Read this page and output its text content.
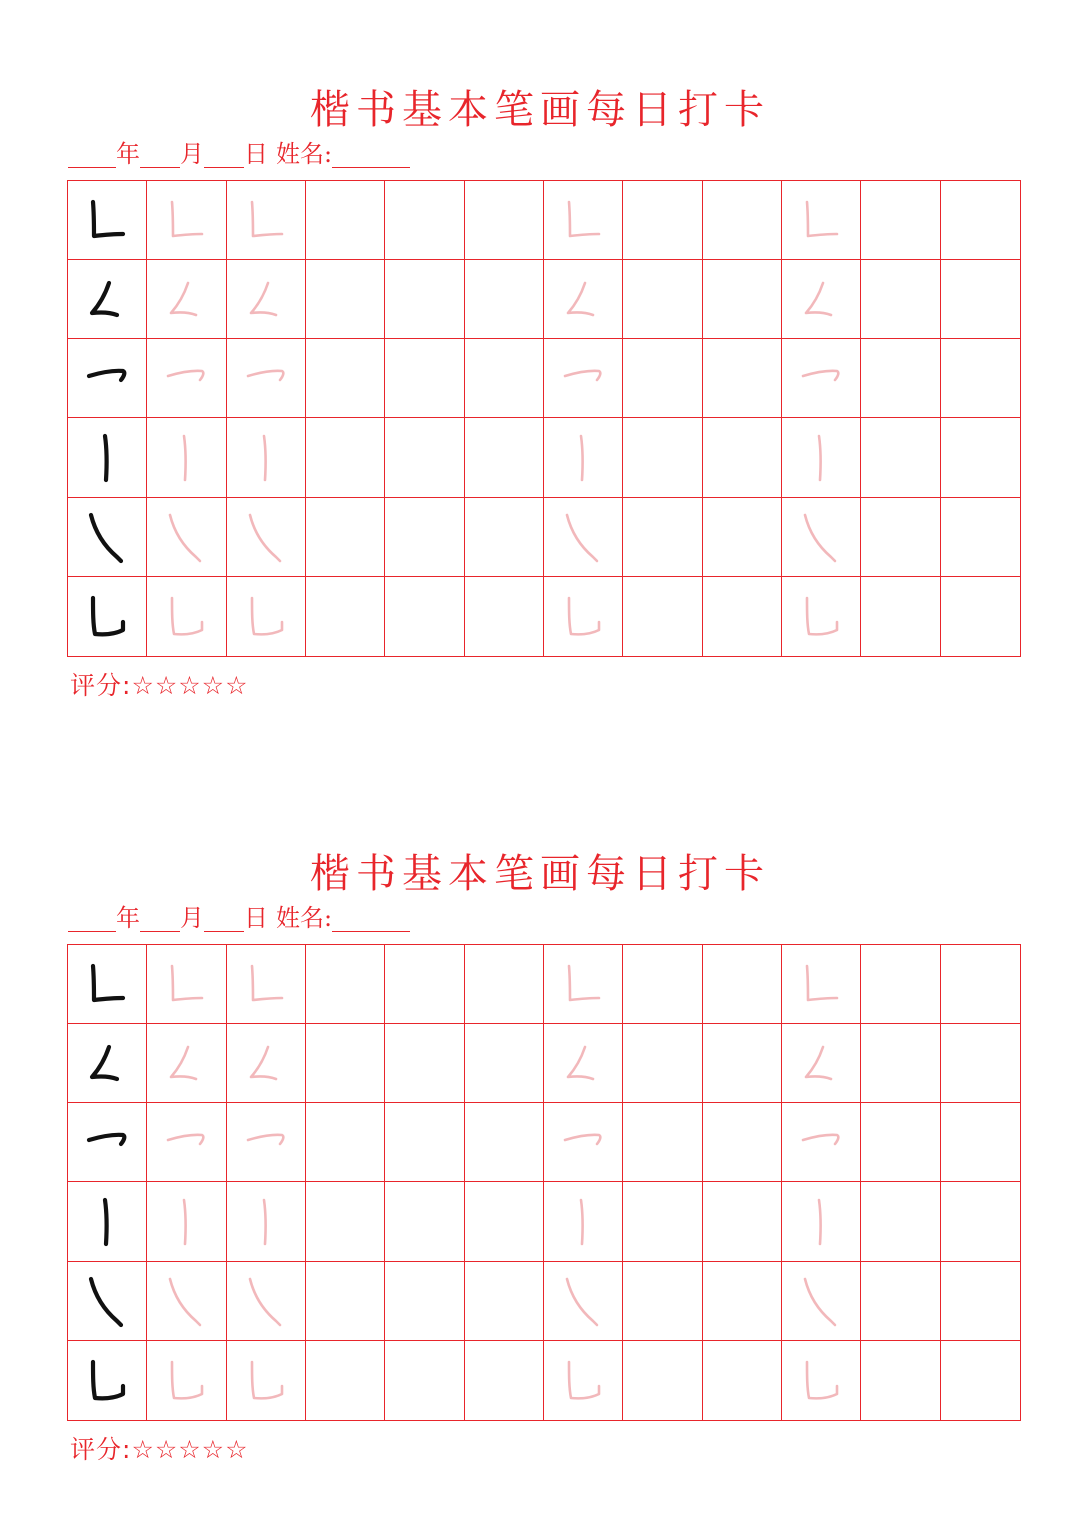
楷书基本笔画每日打卡
年 月 日 姓名:
评分:☆☆☆☆☆
楷书基本笔画每日打卡
年 月 日 姓名:
评分:☆☆☆☆☆
